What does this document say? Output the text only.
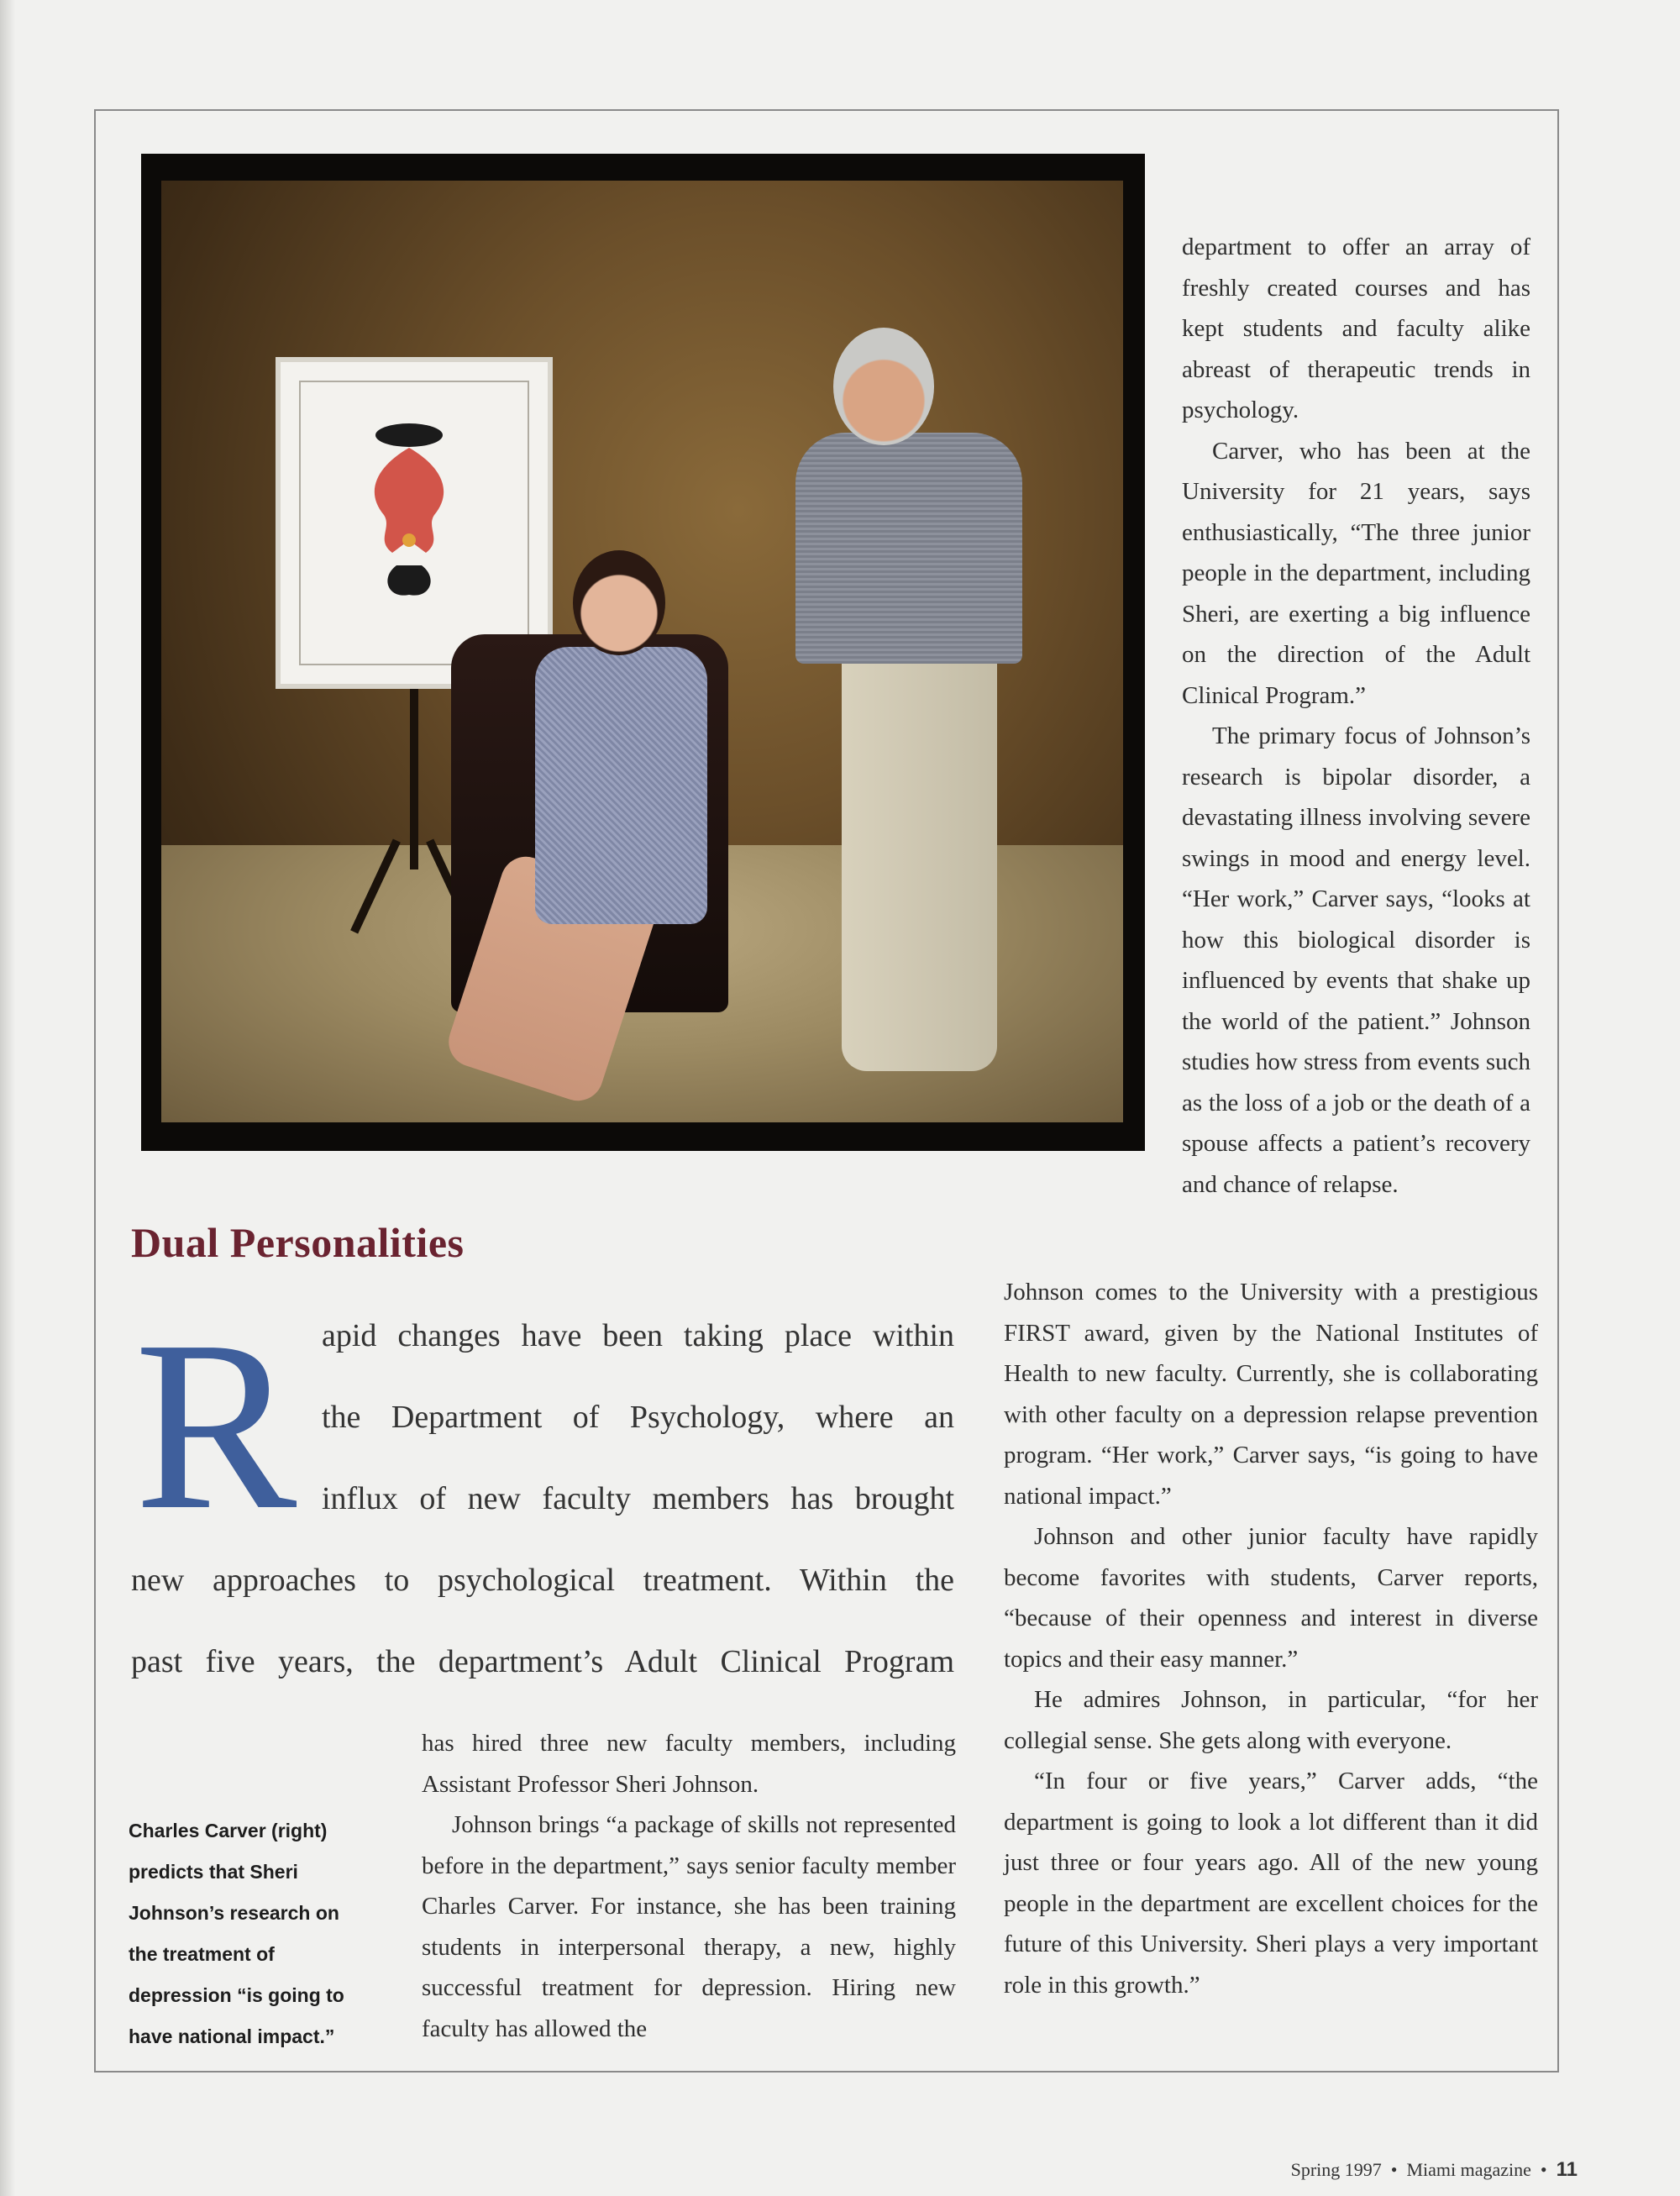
department to offer an array of freshly created courses and has kept students and faculty alike abreast of therapeutic trends in psychology.

Carver, who has been at the University for 21 years, says enthusiastically, “The three junior people in the department, including Sheri, are exerting a big influence on the direction of the Adult Clinical Program.”

The primary focus of Johnson’s research is bipolar disorder, a devastating illness involving severe swings in mood and energy level. “Her work,” Carver says, “looks at how this biological disorder is influenced by events that shake up the world of the patient.” Johnson studies how stress from events such as the loss of a job or the death of a spouse affects a patient’s recovery and chance of relapse.

Dual Personalities
R apid changes have been taking place within
the Department of Psychology, where an
influx of new faculty members has brought
new approaches to psychological treatment. Within the
past five years, the department’s Adult Clinical Program

Charles Carver (right) predicts that Sheri Johnson’s research on the treatment of depression “is going to have national impact.”

has hired three new faculty members, including Assistant Professor Sheri Johnson.

Johnson brings “a package of skills not represented before in the department,” says senior faculty member Charles Carver. For instance, she has been training students in interpersonal therapy, a new, highly successful treatment for depression. Hiring new faculty has allowed the

Johnson comes to the University with a prestigious FIRST award, given by the National Institutes of Health to new faculty. Currently, she is collaborating with other faculty on a depression relapse prevention program. “Her work,” Carver says, “is going to have national impact.”

Johnson and other junior faculty have rapidly become favorites with students, Carver reports, “because of their openness and interest in diverse topics and their easy manner.”

He admires Johnson, in particular, “for her collegial sense. She gets along with everyone.

“In four or five years,” Carver adds, “the department is going to look a lot different than it did just three or four years ago. All of the new young people in the department are excellent choices for the future of this University. Sheri plays a very important role in this growth.”

Spring 1997 • Miami magazine • 11
